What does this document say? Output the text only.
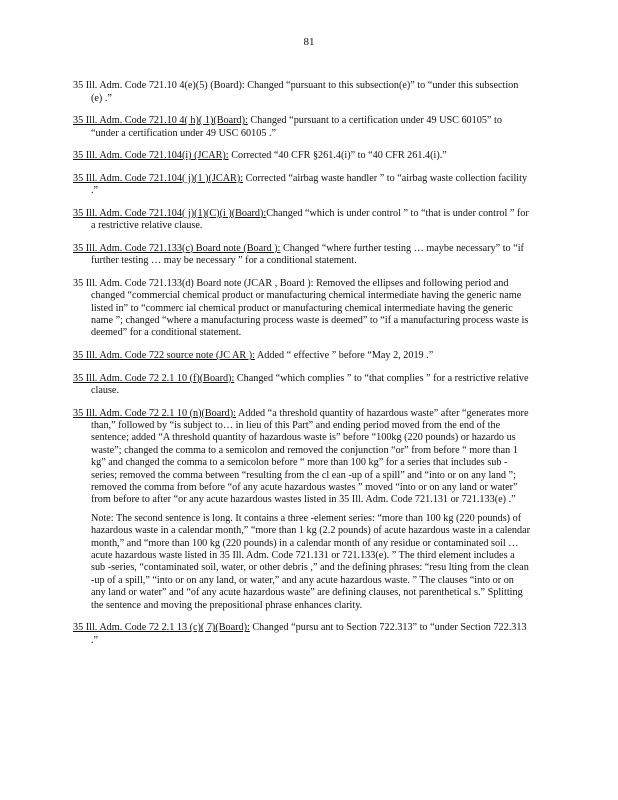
81

35 Ill. Adm. Code 721.10 4(e)(5) (Board): Changed “pursuant to this subsection(e)” to “under this subsection (e) .”

35 Ill. Adm. Code 721.10 4( h)( 1)(Board): Changed “pursuant to a certification under 49 USC 60105” to “under a certification under 49 USC 60105 .”

35 Ill. Adm. Code 721.104(i) (JCAR): Corrected “40 CFR §261.4(i)” to “40 CFR 261.4(i).”

35 Ill. Adm. Code 721.104( j)(1 )(JCAR): Corrected “airbag waste handler ” to “airbag waste collection facility .”

35 Ill. Adm. Code 721.104( j)(1)(C)(i )(Board):Changed “which is under control ” to “that is under control ” for a restrictive relative clause.

35 Ill. Adm. Code 721.133(c) Board note (Board ): Changed “where further testing … maybe necessary” to “if further testing … may be necessary ” for a conditional statement.

35 Ill. Adm. Code 721.133(d) Board note (JCAR , Board ): Removed the ellipses and following period and changed “commercial chemical product or manufacturing chemical intermediate having the generic name listed in” to “commerc ial chemical product or manufacturing chemical intermediate having the generic name ”; changed “where a manufacturing process waste is deemed” to “if a manufacturing process waste is deemed” for a conditional statement.

35 Ill. Adm. Code 722 source note (JC AR ): Added “ effective ” before “May 2, 2019 .”

35 Ill. Adm. Code 72 2.1 10 (f)(Board): Changed “which complies ” to “that complies ” for a restrictive relative clause.

35 Ill. Adm. Code 72 2.1 10 (n)(Board): Added “a threshold quantity of hazardous waste” after “generates more than,” followed by “is subject to… in lieu of this Part” and ending period moved from the end of the sentence; added “A threshold quantity of hazardous waste is” before “100kg (220 pounds) or hazardo us waste”; changed the comma to a semicolon and removed the conjunction “or” from before “ more than 1 kg” and changed the comma to a semicolon before “ more than 100 kg” for a series that includes sub -series; removed the comma between “resulting from the cl ean -up of a spill” and “into or on any land ”; removed the comma from before “of any acute hazardous wastes ” moved “into or on any land or water” from before to after “or any acute hazardous wastes listed in 35 Ill. Adm. Code 721.131 or 721.133(e) .”

Note: The second sentence is long. It contains a three -element series: “more than 100 kg (220 pounds) of hazardous waste in a calendar month,” “more than 1 kg (2.2 pounds) of acute hazardous waste in a calendar month,” and “more than 100 kg (220 pounds) in a calendar month of any residue or contaminated soil … acute hazardous waste listed in 35 Ill. Adm. Code 721.131 or 721.133(e). ” The third element includes a sub -series, “contaminated soil, water, or other debris ,” and the defining phrases: “resu lting from the clean -up of a spill,” “into or on any land, or water,” and any acute hazardous waste. ” The clauses “into or on any land or water” and “of any acute hazardous waste” are defining clauses, not parenthetical s.” Splitting the sentence and moving the prepositional phrase enhances clarity.

35 Ill. Adm. Code 72 2.1 13 (c)( 7)(Board): Changed “pursu ant to Section 722.313” to “under Section 722.313 .”
